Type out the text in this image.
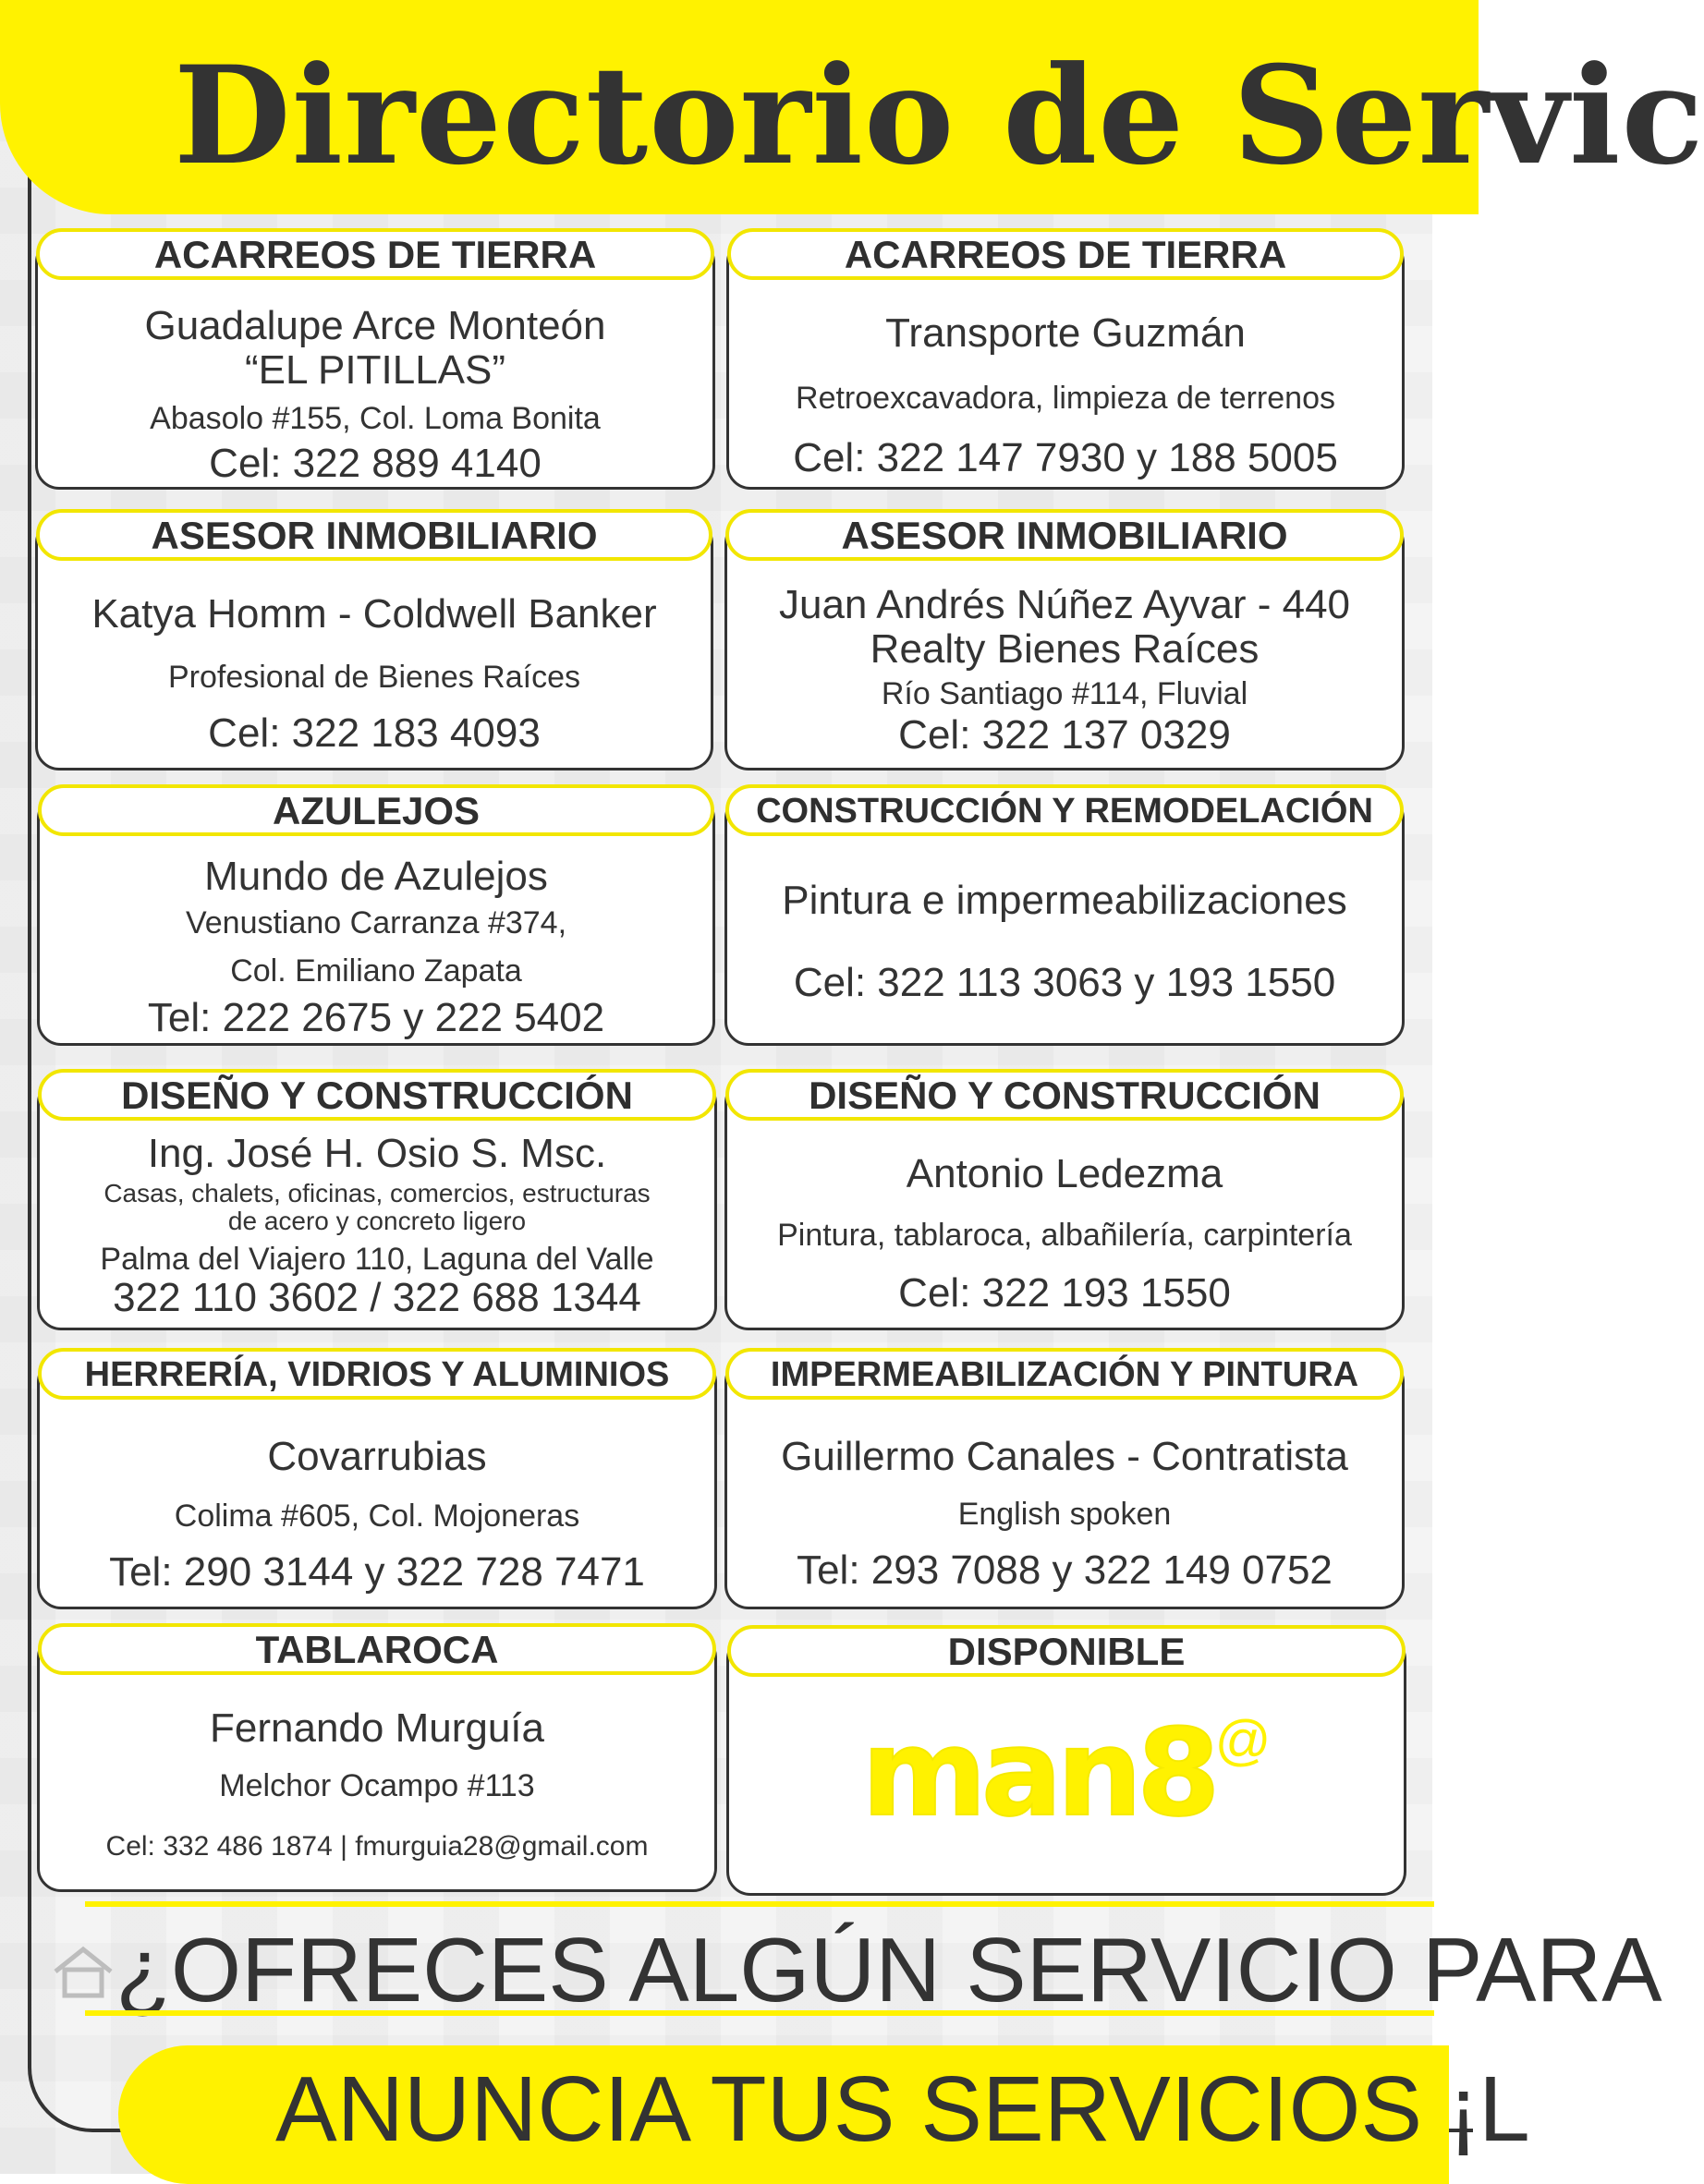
Directorio de Servic
ACARREOS DE TIERRA
Guadalupe Arce Monteón
“EL PITILLAS”
Abasolo #155, Col. Loma Bonita
Cel: 322 889 4140
ACARREOS DE TIERRA
Transporte Guzmán
Retroexcavadora, limpieza de terrenos
Cel: 322 147 7930 y 188 5005
ASESOR INMOBILIARIO
Katya Homm - Coldwell Banker
Profesional de Bienes Raíces
Cel: 322 183 4093
ASESOR INMOBILIARIO
Juan Andrés Núñez Ayvar - 440
Realty Bienes Raíces
Río Santiago #114, Fluvial
Cel: 322 137 0329
AZULEJOS
Mundo de Azulejos
Venustiano Carranza #374,
Col. Emiliano Zapata
Tel: 222 2675 y 222 5402
CONSTRUCCIÓN Y REMODELACIÓN
Pintura e impermeabilizaciones
Cel: 322 113 3063 y 193 1550
DISEÑO Y CONSTRUCCIÓN
Ing. José H. Osio S. Msc.
Casas, chalets, oficinas, comercios, estructuras
de acero y concreto ligero
Palma del Viajero 110, Laguna del Valle
322 110 3602 / 322 688 1344
DISEÑO Y CONSTRUCCIÓN
Antonio Ledezma
Pintura, tablaroca, albañilería, carpintería
Cel: 322 193 1550
HERRERÍA, VIDRIOS Y ALUMINIOS
Covarrubias
Colima #605, Col. Mojoneras
Tel: 290 3144 y 322 728 7471
IMPERMEABILIZACIÓN Y PINTURA
Guillermo Canales - Contratista
English spoken
Tel: 293 7088 y 322 149 0752
TABLAROCA
Fernando Murguía
Melchor Ocampo #113
Cel: 332 486 1874 | fmurguia28@gmail.com
DISPONIBLE
man8@
¿OFRECES ALGÚN SERVICIO PARA
ANUNCIA TUS SERVICIOS ¡L
